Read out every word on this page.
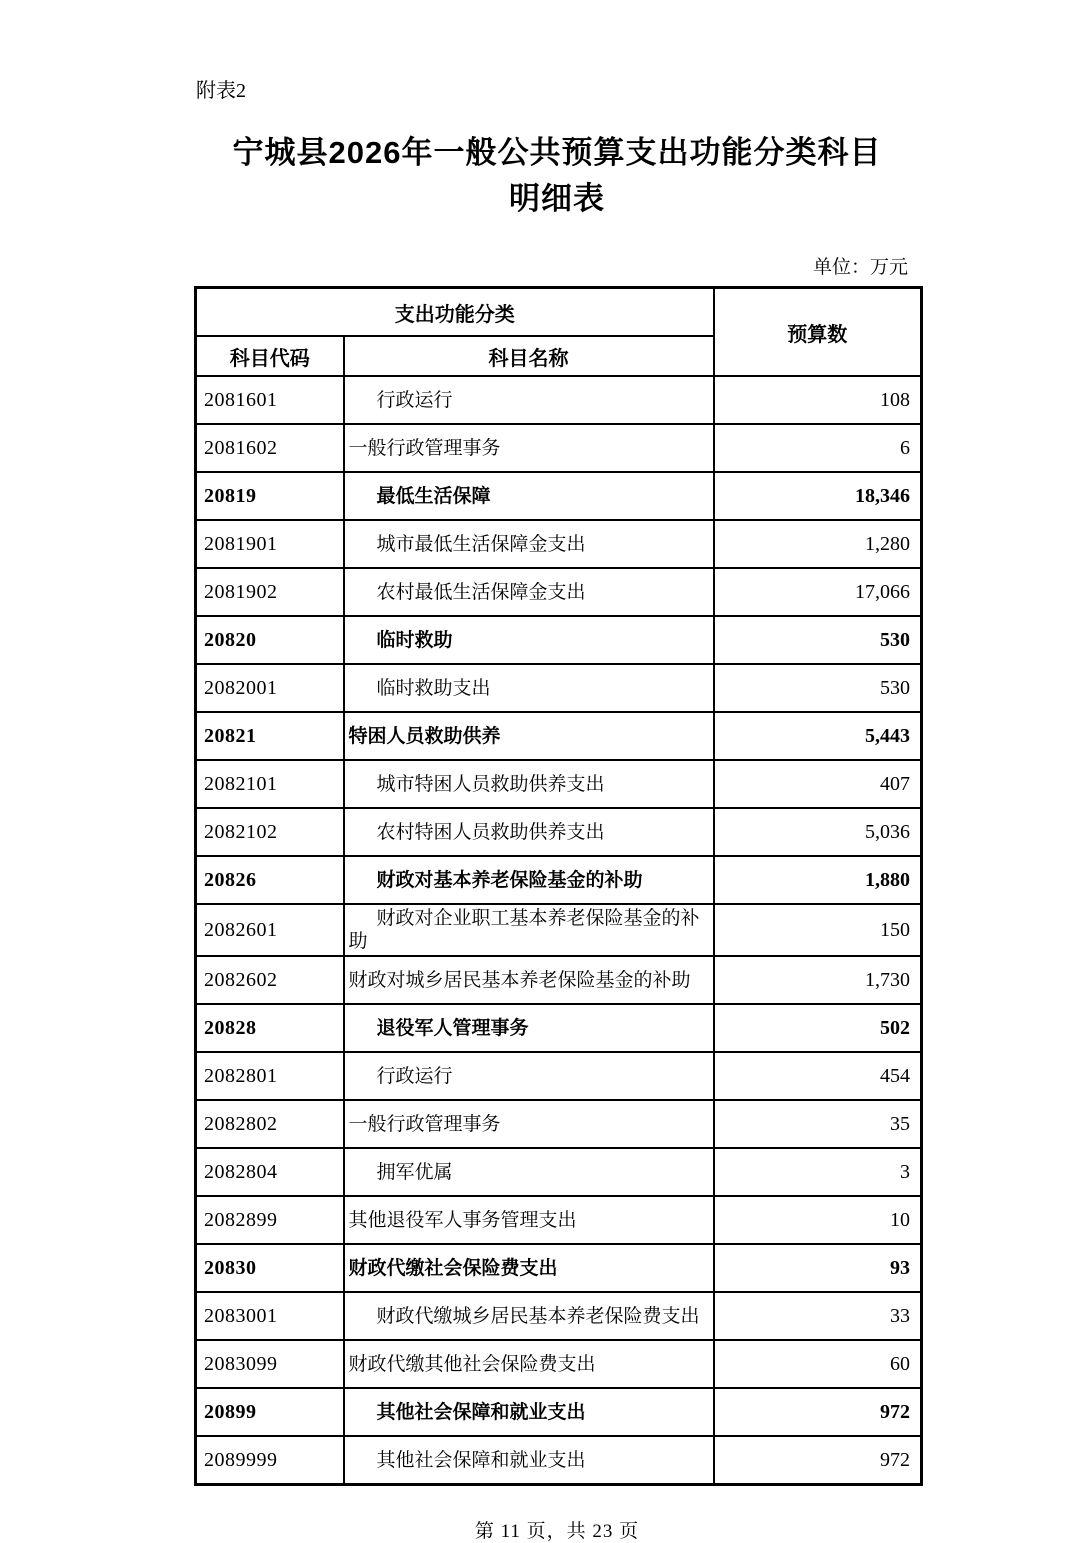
附表2
宁城县2026年一般公共预算支出功能分类科目
明细表
单位：万元
支出功能分类		预算数
科目代码	科目名称	
2081601	行政运行	108
2081602	一般行政管理事务	6
20819	最低生活保障	18,346
2081901	城市最低生活保障金支出	1,280
2081902	农村最低生活保障金支出	17,066
20820	临时救助	530
2082001	临时救助支出	530
20821	特困人员救助供养	5,443
2082101	城市特困人员救助供养支出	407
2082102	农村特困人员救助供养支出	5,036
20826	财政对基本养老保险基金的补助	1,880
2082601	财政对企业职工基本养老保险基金的补助	150
2082602	财政对城乡居民基本养老保险基金的补助	1,730
20828	退役军人管理事务	502
2082801	行政运行	454
2082802	一般行政管理事务	35
2082804	拥军优属	3
2082899	其他退役军人事务管理支出	10
20830	财政代缴社会保险费支出	93
2083001	财政代缴城乡居民基本养老保险费支出	33
2083099	财政代缴其他社会保险费支出	60
20899	其他社会保障和就业支出	972
2089999	其他社会保障和就业支出	972
第 11 页，共 23 页
